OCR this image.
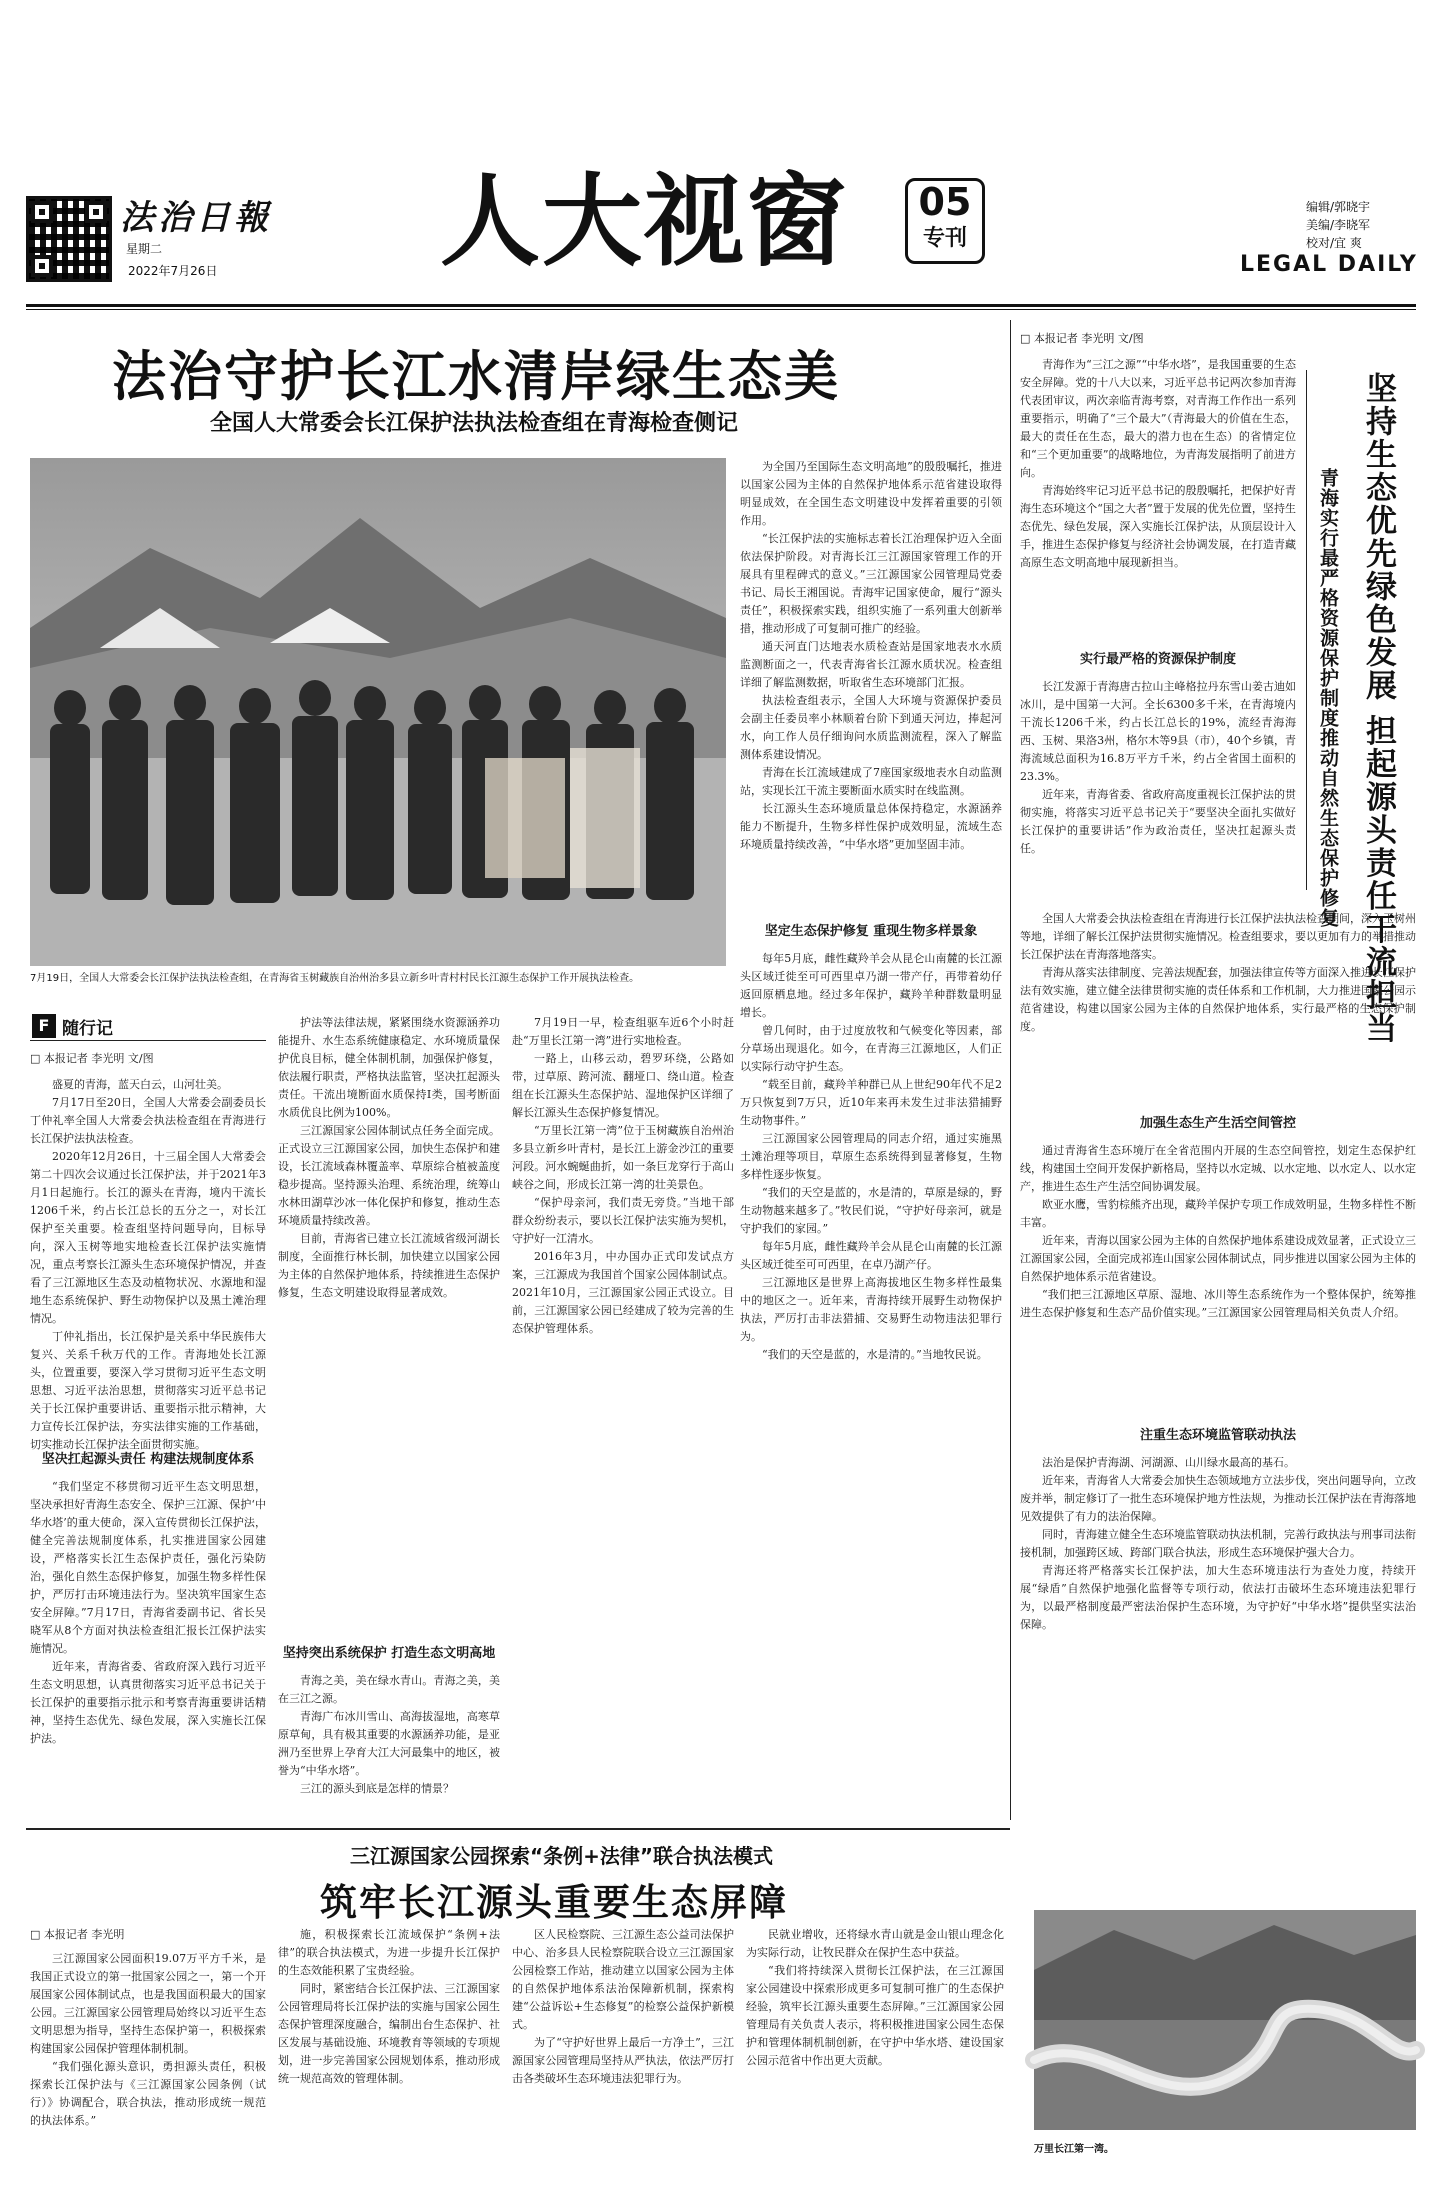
法治日報
星期二
2022年7月26日 人大视窗 05
专刊
编辑/郭晓宇
美编/李晓军
校对/宜 爽
LEGAL DAILY
法治守护长江水清岸绿生态美
全国人大常委会长江保护法执法检查组在青海检查侧记
7月19日，全国人大常委会长江保护法执法检查组，在青海省玉树藏族自治州治多县立新乡叶青村村民长江源生态保护工作开展执法检查。
F 随行记
□ 本报记者 李光明 文/图

盛夏的青海，蓝天白云，山河壮美。

7月17日至20日，全国人大常委会副委员长丁仲礼率全国人大常委会执法检查组在青海进行长江保护法执法检查。

2020年12月26日，十三届全国人大常委会第二十四次会议通过长江保护法，并于2021年3月1日起施行。长江的源头在青海，境内干流长1206千米，约占长江总长的五分之一，对长江保护至关重要。检查组坚持问题导向，目标导向，深入玉树等地实地检查长江保护法实施情况，重点考察长江源头生态环境保护情况，并查看了三江源地区生态及动植物状况、水源地和湿地生态系统保护、野生动物保护以及黑土滩治理情况。

丁仲礼指出，长江保护是关系中华民族伟大复兴、关系千秋万代的工作。青海地处长江源头，位置重要，要深入学习贯彻习近平生态文明思想、习近平法治思想，贯彻落实习近平总书记关于长江保护重要讲话、重要指示批示精神，大力宣传长江保护法，夯实法律实施的工作基础，切实推动长江保护法全面贯彻实施。

坚决扛起源头责任 构建法规制度体系

“我们坚定不移贯彻习近平生态文明思想，坚决承担好青海生态安全、保护三江源、保护‘中华水塔’的重大使命，深入宣传贯彻长江保护法，健全完善法规制度体系，扎实推进国家公园建设，严格落实长江生态保护责任，强化污染防治，强化自然生态保护修复，加强生物多样性保护，严厉打击环境违法行为。坚决筑牢国家生态安全屏障。”7月17日，青海省委副书记、省长吴晓军从8个方面对执法检查组汇报长江保护法实施情况。

近年来，青海省委、省政府深入践行习近平生态文明思想，认真贯彻落实习近平总书记关于长江保护的重要指示批示和考察青海重要讲话精神，坚持生态优先、绿色发展，深入实施长江保护法。

护法等法律法规，紧紧围绕水资源涵养功能提升、水生态系统健康稳定、水环境质量保护优良目标，健全体制机制，加强保护修复，依法履行职责，严格执法监管，坚决扛起源头责任。干流出境断面水质保持Ⅰ类，国考断面水质优良比例为100%。

三江源国家公园体制试点任务全面完成。正式设立三江源国家公园，加快生态保护和建设，长江流域森林覆盖率、草原综合植被盖度稳步提高。坚持源头治理、系统治理，统筹山水林田湖草沙冰一体化保护和修复，推动生态环境质量持续改善。

目前，青海省已建立长江流域省级河湖长制度，全面推行林长制，加快建立以国家公园为主体的自然保护地体系，持续推进生态保护修复，生态文明建设取得显著成效。

坚持突出系统保护 打造生态文明高地

青海之美，美在绿水青山。青海之美，美在三江之源。

青海广布冰川雪山、高海拔湿地，高寒草原草甸，具有极其重要的水源涵养功能，是亚洲乃至世界上孕育大江大河最集中的地区，被誉为“中华水塔”。

三江的源头到底是怎样的情景？

7月19日一早，检查组驱车近6个小时赶赴“万里长江第一湾”进行实地检查。

一路上，山移云动，碧罗环绕，公路如带，过草原、跨河流、翻垭口、绕山道。检查组在长江源头生态保护站、湿地保护区详细了解长江源头生态保护修复情况。

“万里长江第一湾”位于玉树藏族自治州治多县立新乡叶青村，是长江上游金沙江的重要河段。河水蜿蜒曲折，如一条巨龙穿行于高山峡谷之间，形成长江第一湾的壮美景色。

“保护母亲河，我们责无旁贷。”当地干部群众纷纷表示，要以长江保护法实施为契机，守护好一江清水。

2016年3月，中办国办正式印发试点方案，三江源成为我国首个国家公园体制试点。2021年10月，三江源国家公园正式设立。目前，三江源国家公园已经建成了较为完善的生态保护管理体系。

为全国乃至国际生态文明高地”的殷殷嘱托，推进以国家公园为主体的自然保护地体系示范省建设取得明显成效，在全国生态文明建设中发挥着重要的引领作用。

“长江保护法的实施标志着长江治理保护迈入全面依法保护阶段。对青海长江三江源国家管理工作的开展具有里程碑式的意义。”三江源国家公园管理局党委书记、局长王湘国说。青海牢记国家使命，履行“源头责任”，积极探索实践，组织实施了一系列重大创新举措，推动形成了可复制可推广的经验。

通天河直门达地表水质检查站是国家地表水水质监测断面之一，代表青海省长江源水质状况。检查组详细了解监测数据，听取省生态环境部门汇报。

执法检查组表示，全国人大环境与资源保护委员会副主任委员率小林顺着台阶下到通天河边，捧起河水，向工作人员仔细询问水质监测流程，深入了解监测体系建设情况。

青海在长江流域建成了7座国家级地表水自动监测站，实现长江干流主要断面水质实时在线监测。

长江源头生态环境质量总体保持稳定，水源涵养能力不断提升，生物多样性保护成效明显，流域生态环境质量持续改善，“中华水塔”更加坚固丰沛。

坚定生态保护修复 重现生物多样景象

每年5月底，雌性藏羚羊会从昆仑山南麓的长江源头区域迁徙至可可西里卓乃湖一带产仔，再带着幼仔返回原栖息地。经过多年保护，藏羚羊种群数量明显增长。

曾几何时，由于过度放牧和气候变化等因素，部分草场出现退化。如今，在青海三江源地区，人们正以实际行动守护生态。

“载至目前，藏羚羊种群已从上世纪90年代不足2万只恢复到7万只，近10年来再未发生过非法猎捕野生动物事件。”

三江源国家公园管理局的同志介绍，通过实施黑土滩治理等项目，草原生态系统得到显著修复，生物多样性逐步恢复。

“我们的天空是蓝的，水是清的，草原是绿的，野生动物越来越多了。”牧民们说，“守护好母亲河，就是守护我们的家园。”

每年5月底，雌性藏羚羊会从昆仑山南麓的长江源头区域迁徙至可可西里，在卓乃湖产仔。

三江源地区是世界上高海拔地区生物多样性最集中的地区之一。近年来，青海持续开展野生动物保护执法，严厉打击非法猎捕、交易野生动物违法犯罪行为。

“我们的天空是蓝的，水是清的。”当地牧民说。

□ 本报记者 李光明 文/图
坚持生态优先绿色发展 担起源头责任干流担当
青海实行最严格资源保护制度推动自然生态保护修复

青海作为“三江之源”“中华水塔”，是我国重要的生态安全屏障。党的十八大以来，习近平总书记两次参加青海代表团审议，两次亲临青海考察，对青海工作作出一系列重要指示，明确了“三个最大”（青海最大的价值在生态，最大的责任在生态，最大的潜力也在生态）的省情定位和“三个更加重要”的战略地位，为青海发展指明了前进方向。

青海始终牢记习近平总书记的殷殷嘱托，把保护好青海生态环境这个“国之大者”置于发展的优先位置，坚持生态优先、绿色发展，深入实施长江保护法，从顶层设计入手，推进生态保护修复与经济社会协调发展，在打造青藏高原生态文明高地中展现新担当。

实行最严格的资源保护制度

长江发源于青海唐古拉山主峰格拉丹东雪山姜古迪如冰川，是中国第一大河。全长6300多千米，在青海境内干流长1206千米，约占长江总长的19%，流经青海海西、玉树、果洛3州，格尔木等9县（市），40个乡镇，青海流域总面积为16.8万平方千米，约占全省国土面积的23.3%。

近年来，青海省委、省政府高度重视长江保护法的贯彻实施，将落实习近平总书记关于“要坚决全面扎实做好长江保护的重要讲话”作为政治责任，坚决扛起源头责任。

全国人大常委会执法检查组在青海进行长江保护法执法检查期间，深入玉树州等地，详细了解长江保护法贯彻实施情况。检查组要求，要以更加有力的举措推动长江保护法在青海落地落实。

青海从落实法律制度、完善法规配套，加强法律宣传等方面深入推进长江保护法有效实施，建立健全法律贯彻实施的责任体系和工作机制，大力推进国家公园示范省建设，构建以国家公园为主体的自然保护地体系，实行最严格的生态保护制度。

加强生态生产生活空间管控

通过青海省生态环境厅在全省范围内开展的生态空间管控，划定生态保护红线，构建国土空间开发保护新格局，坚持以水定城、以水定地、以水定人、以水定产，推进生态生产生活空间协调发展。

欧亚水鹰，雪豹棕熊齐出现，藏羚羊保护专项工作成效明显，生物多样性不断丰富。

近年来，青海以国家公园为主体的自然保护地体系建设成效显著，正式设立三江源国家公园，全面完成祁连山国家公园体制试点，同步推进以国家公园为主体的自然保护地体系示范省建设。

“我们把三江源地区草原、湿地、冰川等生态系统作为一个整体保护，统筹推进生态保护修复和生态产品价值实现。”三江源国家公园管理局相关负责人介绍。

注重生态环境监管联动执法

法治是保护青海湖、河湖源、山川绿水最高的基石。

近年来，青海省人大常委会加快生态领域地方立法步伐，突出问题导向，立改废并举，制定修订了一批生态环境保护地方性法规，为推动长江保护法在青海落地见效提供了有力的法治保障。

同时，青海建立健全生态环境监管联动执法机制，完善行政执法与刑事司法衔接机制，加强跨区域、跨部门联合执法，形成生态环境保护强大合力。

青海还将严格落实长江保护法，加大生态环境违法行为查处力度，持续开展“绿盾”自然保护地强化监督等专项行动，依法打击破坏生态环境违法犯罪行为，以最严格制度最严密法治保护生态环境，为守护好“中华水塔”提供坚实法治保障。

三江源国家公园探索“条例+法律”联合执法模式
筑牢长江源头重要生态屏障
□ 本报记者 李光明

三江源国家公园面积19.07万平方千米，是我国正式设立的第一批国家公园之一，第一个开展国家公园体制试点，也是我国面积最大的国家公园。三江源国家公园管理局始终以习近平生态文明思想为指导，坚持生态保护第一，积极探索构建国家公园保护管理体制机制。

“我们强化源头意识，勇担源头责任，积极探索长江保护法与《三江源国家公园条例（试行）》协调配合，联合执法，推动形成统一规范的执法体系。”

施，积极探索长江流域保护“条例+法律”的联合执法模式，为进一步提升长江保护的生态效能积累了宝贵经验。

同时，紧密结合长江保护法、三江源国家公园管理局将长江保护法的实施与国家公园生态保护管理深度融合，编制出台生态保护、社区发展与基础设施、环境教育等领域的专项规划，进一步完善国家公园规划体系，推动形成统一规范高效的管理体制。

区人民检察院、三江源生态公益司法保护中心、治多县人民检察院联合设立三江源国家公园检察工作站，推动建立以国家公园为主体的自然保护地体系法治保障新机制，探索构建“公益诉讼+生态修复”的检察公益保护新模式。

为了“守护好世界上最后一方净土”，三江源国家公园管理局坚持从严执法，依法严厉打击各类破坏生态环境违法犯罪行为。

民就业增收，还将绿水青山就是金山银山理念化为实际行动，让牧民群众在保护生态中获益。

“我们将持续深入贯彻长江保护法，在三江源国家公园建设中探索形成更多可复制可推广的生态保护经验，筑牢长江源头重要生态屏障。”三江源国家公园管理局有关负责人表示，将积极推进国家公园生态保护和管理体制机制创新，在守护中华水塔、建设国家公园示范省中作出更大贡献。

万里长江第一湾。
